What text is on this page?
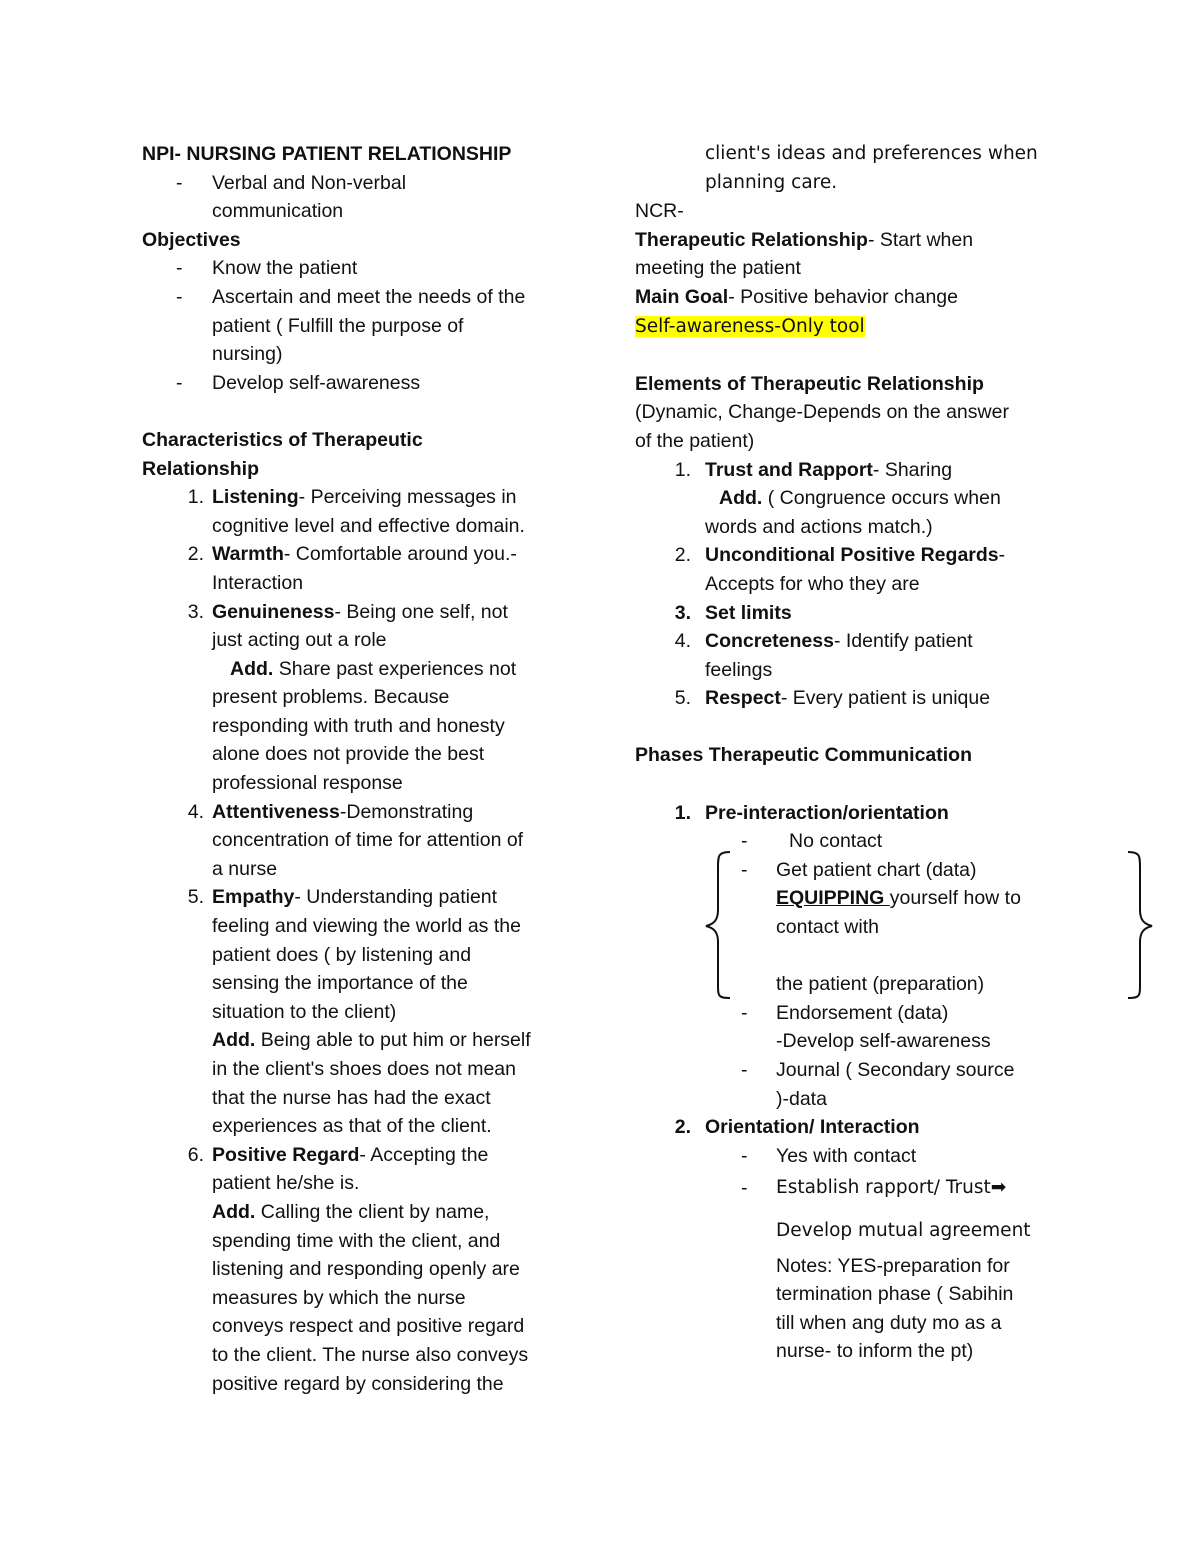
NPI- NURSING PATIENT RELATIONSHIP
- Verbal and Non-verbal
communication
Objectives
- Know the patient
- Ascertain and meet the needs of the
patient ( Fulfill the purpose of
nursing)
- Develop self-awareness
Characteristics of Therapeutic
Relationship
1. Listening- Perceiving messages in
cognitive level and effective domain.
2. Warmth- Comfortable around you.-
Interaction
3. Genuineness- Being one self, not
just acting out a role
Add. Share past experiences not
present problems. Because
responding with truth and honesty
alone does not provide the best
professional response
4. Attentiveness-Demonstrating
concentration of time for attention of
a nurse
5. Empathy- Understanding patient
feeling and viewing the world as the
patient does ( by listening and
sensing the importance of the
situation to the client)
Add. Being able to put him or herself
in the client's shoes does not mean
that the nurse has had the exact
experiences as that of the client.
6. Positive Regard- Accepting the
patient he/she is.
Add. Calling the client by name,
spending time with the client, and
listening and responding openly are
measures by which the nurse
conveys respect and positive regard
to the client. The nurse also conveys
positive regard by considering the
client's ideas and preferences when
planning care.
NCR-
Therapeutic Relationship- Start when
meeting the patient
Main Goal- Positive behavior change
Self-awareness-Only tool
Elements of Therapeutic Relationship
(Dynamic, Change-Depends on the answer
of the patient)
1. Trust and Rapport- Sharing
Add. ( Congruence occurs when
words and actions match.)
2. Unconditional Positive Regards-
Accepts for who they are
3. Set limits
4. Concreteness- Identify patient
feelings
5. Respect- Every patient is unique
Phases Therapeutic Communication
1. Pre-interaction/orientation
- No contact
- Get patient chart (data)
EQUIPPING yourself how to
contact with
the patient (preparation)
- Endorsement (data)
-Develop self-awareness
- Journal ( Secondary source
)-data
2. Orientation/ Interaction
- Yes with contact
- Establish rapport/ Trust➡
Develop mutual agreement
Notes: YES-preparation for
termination phase ( Sabihin
till when ang duty mo as a
nurse- to inform the pt)
